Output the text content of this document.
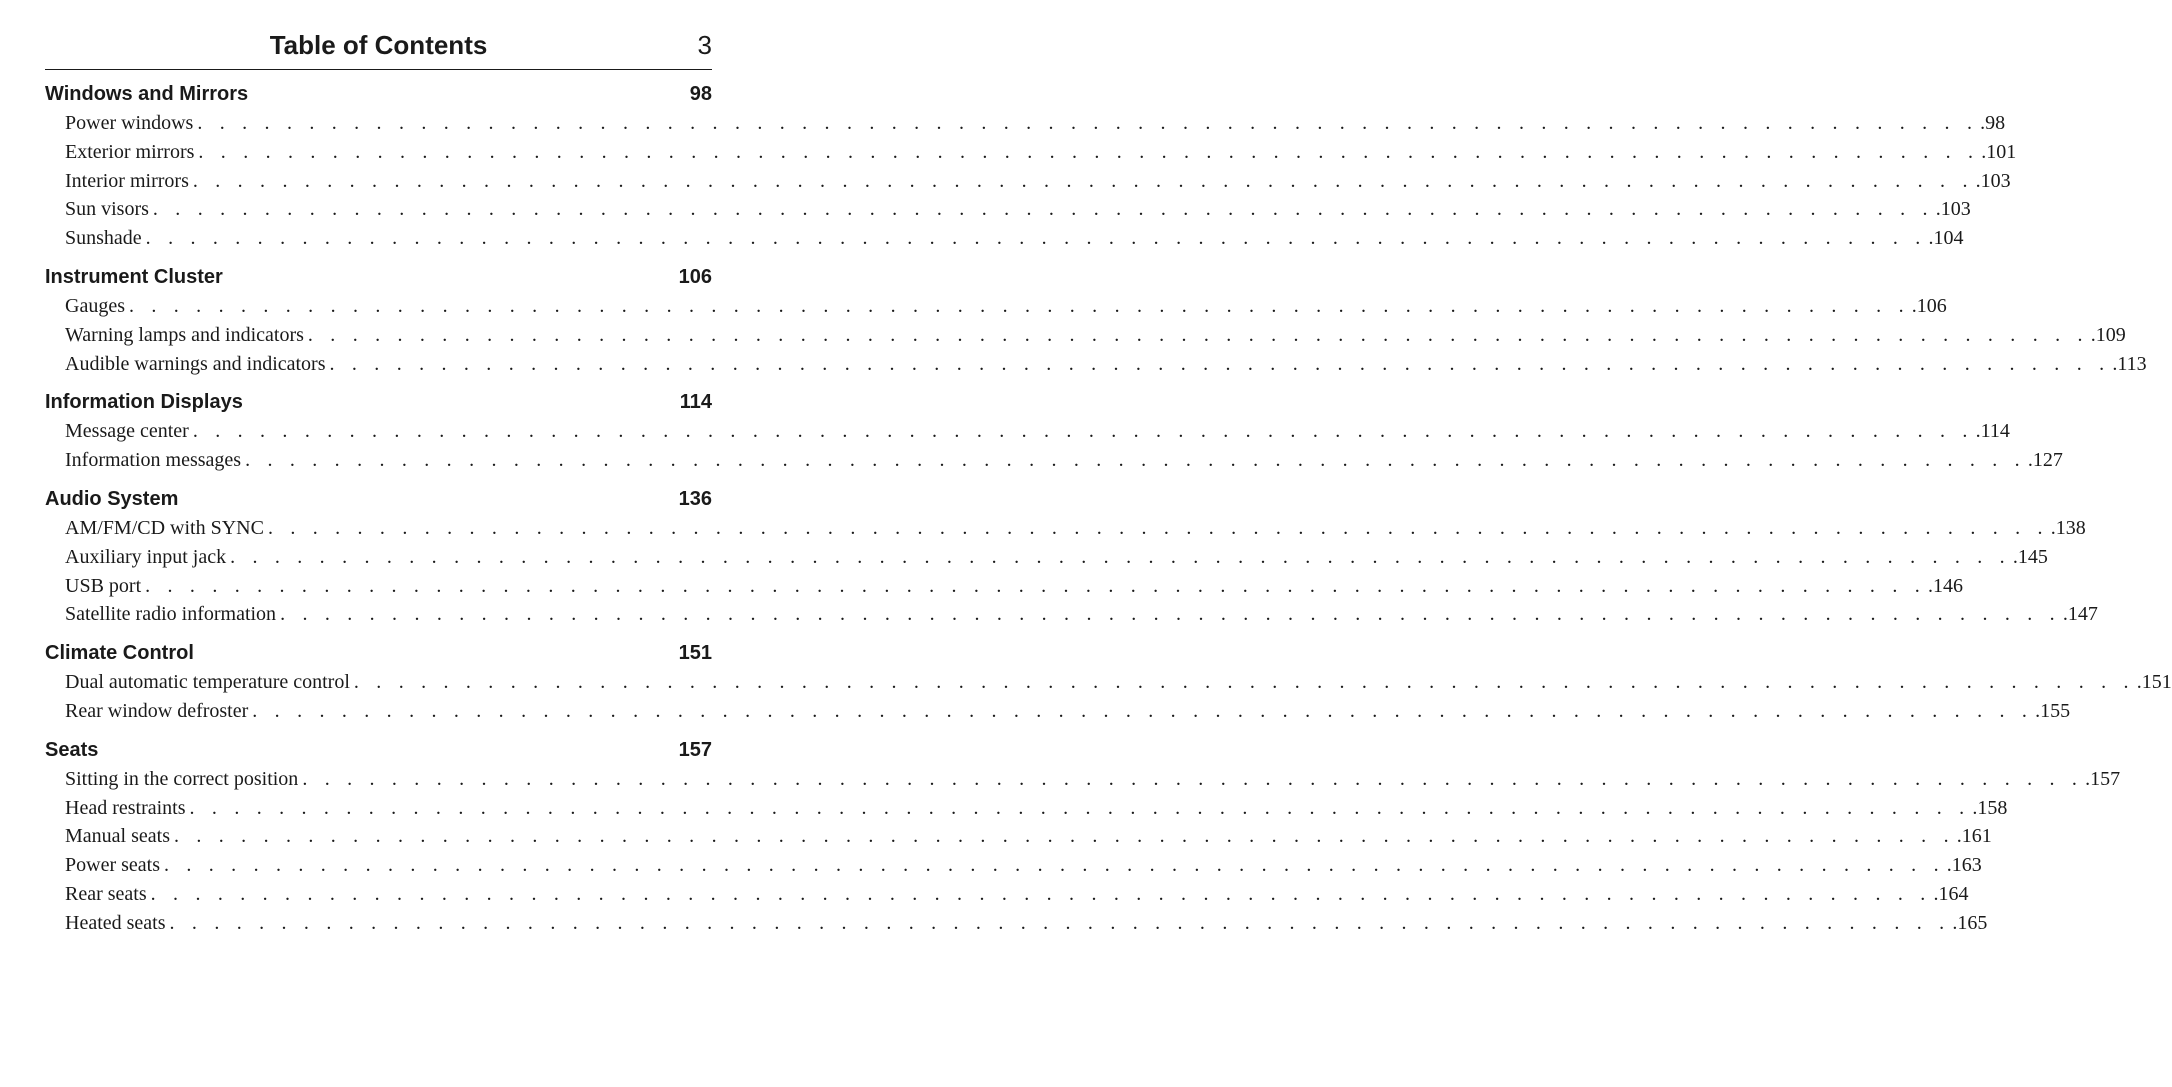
Table of Contents	3
Windows and Mirrors	98
Power windows . . . . . . . . . . . . . . . . . . . . . . . . . . . . . . . . . . . . . . . . . . . . . . . . . . . . . . . . . . . . . . . . . . . . . . . . . . . . . . . . .98
Exterior mirrors . . . . . . . . . . . . . . . . . . . . . . . . . . . . . . . . . . . . . . . . . . . . . . . . . . . . . . . . . . . . . . . . . . . . . . . . . . . . . . . . .101
Interior mirrors . . . . . . . . . . . . . . . . . . . . . . . . . . . . . . . . . . . . . . . . . . . . . . . . . . . . . . . . . . . . . . . . . . . . . . . . . . . . . . . . .103
Sun visors . . . . . . . . . . . . . . . . . . . . . . . . . . . . . . . . . . . . . . . . . . . . . . . . . . . . . . . . . . . . . . . . . . . . . . . . . . . . . . . . .103
Sunshade . . . . . . . . . . . . . . . . . . . . . . . . . . . . . . . . . . . . . . . . . . . . . . . . . . . . . . . . . . . . . . . . . . . . . . . . . . . . . . . . .104
Instrument Cluster	106
Gauges . . . . . . . . . . . . . . . . . . . . . . . . . . . . . . . . . . . . . . . . . . . . . . . . . . . . . . . . . . . . . . . . . . . . . . . . . . . . . . . . .106
Warning lamps and indicators . . . . . . . . . . . . . . . . . . . . . . . . . . . . . . . . . . . . . . . . . . . . . . . . . . . . . . . . . . . . . . . . . . . . . . . . . . . . . . . . .109
Audible warnings and indicators . . . . . . . . . . . . . . . . . . . . . . . . . . . . . . . . . . . . . . . . . . . . . . . . . . . . . . . . . . . . . . . . . . . . . . . . . . . . . . . . .113
Information Displays	114
Message center . . . . . . . . . . . . . . . . . . . . . . . . . . . . . . . . . . . . . . . . . . . . . . . . . . . . . . . . . . . . . . . . . . . . . . . . . . . . . . . . .114
Information messages . . . . . . . . . . . . . . . . . . . . . . . . . . . . . . . . . . . . . . . . . . . . . . . . . . . . . . . . . . . . . . . . . . . . . . . . . . . . . . . . .127
Audio System	136
AM/FM/CD with SYNC . . . . . . . . . . . . . . . . . . . . . . . . . . . . . . . . . . . . . . . . . . . . . . . . . . . . . . . . . . . . . . . . . . . . . . . . . . . . . . . . .138
Auxiliary input jack . . . . . . . . . . . . . . . . . . . . . . . . . . . . . . . . . . . . . . . . . . . . . . . . . . . . . . . . . . . . . . . . . . . . . . . . . . . . . . . . .145
USB port . . . . . . . . . . . . . . . . . . . . . . . . . . . . . . . . . . . . . . . . . . . . . . . . . . . . . . . . . . . . . . . . . . . . . . . . . . . . . . . . .146
Satellite radio information . . . . . . . . . . . . . . . . . . . . . . . . . . . . . . . . . . . . . . . . . . . . . . . . . . . . . . . . . . . . . . . . . . . . . . . . . . . . . . . . .147
Climate Control	151
Dual automatic temperature control . . . . . . . . . . . . . . . . . . . . . . . . . . . . . . . . . . . . . . . . . . . . . . . . . . . . . . . . . . . . . . . . . . . . . . . . . . . . . . . . .151
Rear window defroster . . . . . . . . . . . . . . . . . . . . . . . . . . . . . . . . . . . . . . . . . . . . . . . . . . . . . . . . . . . . . . . . . . . . . . . . . . . . . . . . .155
Seats	157
Sitting in the correct position . . . . . . . . . . . . . . . . . . . . . . . . . . . . . . . . . . . . . . . . . . . . . . . . . . . . . . . . . . . . . . . . . . . . . . . . . . . . . . . . .157
Head restraints . . . . . . . . . . . . . . . . . . . . . . . . . . . . . . . . . . . . . . . . . . . . . . . . . . . . . . . . . . . . . . . . . . . . . . . . . . . . . . . . .158
Manual seats . . . . . . . . . . . . . . . . . . . . . . . . . . . . . . . . . . . . . . . . . . . . . . . . . . . . . . . . . . . . . . . . . . . . . . . . . . . . . . . . .161
Power seats . . . . . . . . . . . . . . . . . . . . . . . . . . . . . . . . . . . . . . . . . . . . . . . . . . . . . . . . . . . . . . . . . . . . . . . . . . . . . . . . .163
Rear seats . . . . . . . . . . . . . . . . . . . . . . . . . . . . . . . . . . . . . . . . . . . . . . . . . . . . . . . . . . . . . . . . . . . . . . . . . . . . . . . . .164
Heated seats . . . . . . . . . . . . . . . . . . . . . . . . . . . . . . . . . . . . . . . . . . . . . . . . . . . . . . . . . . . . . . . . . . . . . . . . . . . . . . . . .165
